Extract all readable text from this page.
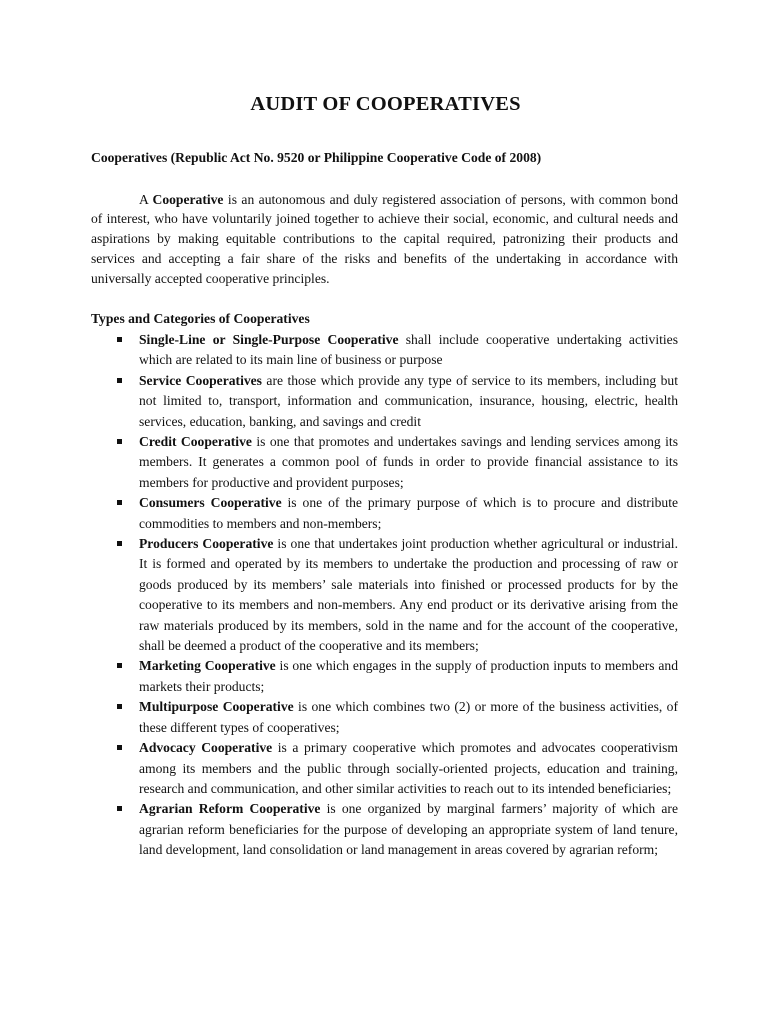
AUDIT OF COOPERATIVES

Cooperatives (Republic Act No. 9520 or Philippine Cooperative Code of 2008)

A Cooperative is an autonomous and duly registered association of persons, with common bond of interest, who have voluntarily joined together to achieve their social, economic, and cultural needs and aspirations by making equitable contributions to the capital required, patronizing their products and services and accepting a fair share of the risks and benefits of the undertaking in accordance with universally accepted cooperative principles.

Types and Categories of Cooperatives

Single-Line or Single-Purpose Cooperative shall include cooperative undertaking activities which are related to its main line of business or purpose
Service Cooperatives are those which provide any type of service to its members, including but not limited to, transport, information and communication, insurance, housing, electric, health services, education, banking, and savings and credit
Credit Cooperative is one that promotes and undertakes savings and lending services among its members. It generates a common pool of funds in order to provide financial assistance to its members for productive and provident purposes;
Consumers Cooperative is one of the primary purpose of which is to procure and distribute commodities to members and non-members;
Producers Cooperative is one that undertakes joint production whether agricultural or industrial. It is formed and operated by its members to undertake the production and processing of raw or goods produced by its members’ sale materials into finished or processed products for by the cooperative to its members and non-members. Any end product or its derivative arising from the raw materials produced by its members, sold in the name and for the account of the cooperative, shall be deemed a product of the cooperative and its members;
Marketing Cooperative is one which engages in the supply of production inputs to members and markets their products;
Multipurpose Cooperative is one which combines two (2) or more of the business activities, of these different types of cooperatives;
Advocacy Cooperative is a primary cooperative which promotes and advocates cooperativism among its members and the public through socially-oriented projects, education and training, research and communication, and other similar activities to reach out to its intended beneficiaries;
Agrarian Reform Cooperative is one organized by marginal farmers’ majority of which are agrarian reform beneficiaries for the purpose of developing an appropriate system of land tenure, land development, land consolidation or land management in areas covered by agrarian reform;
